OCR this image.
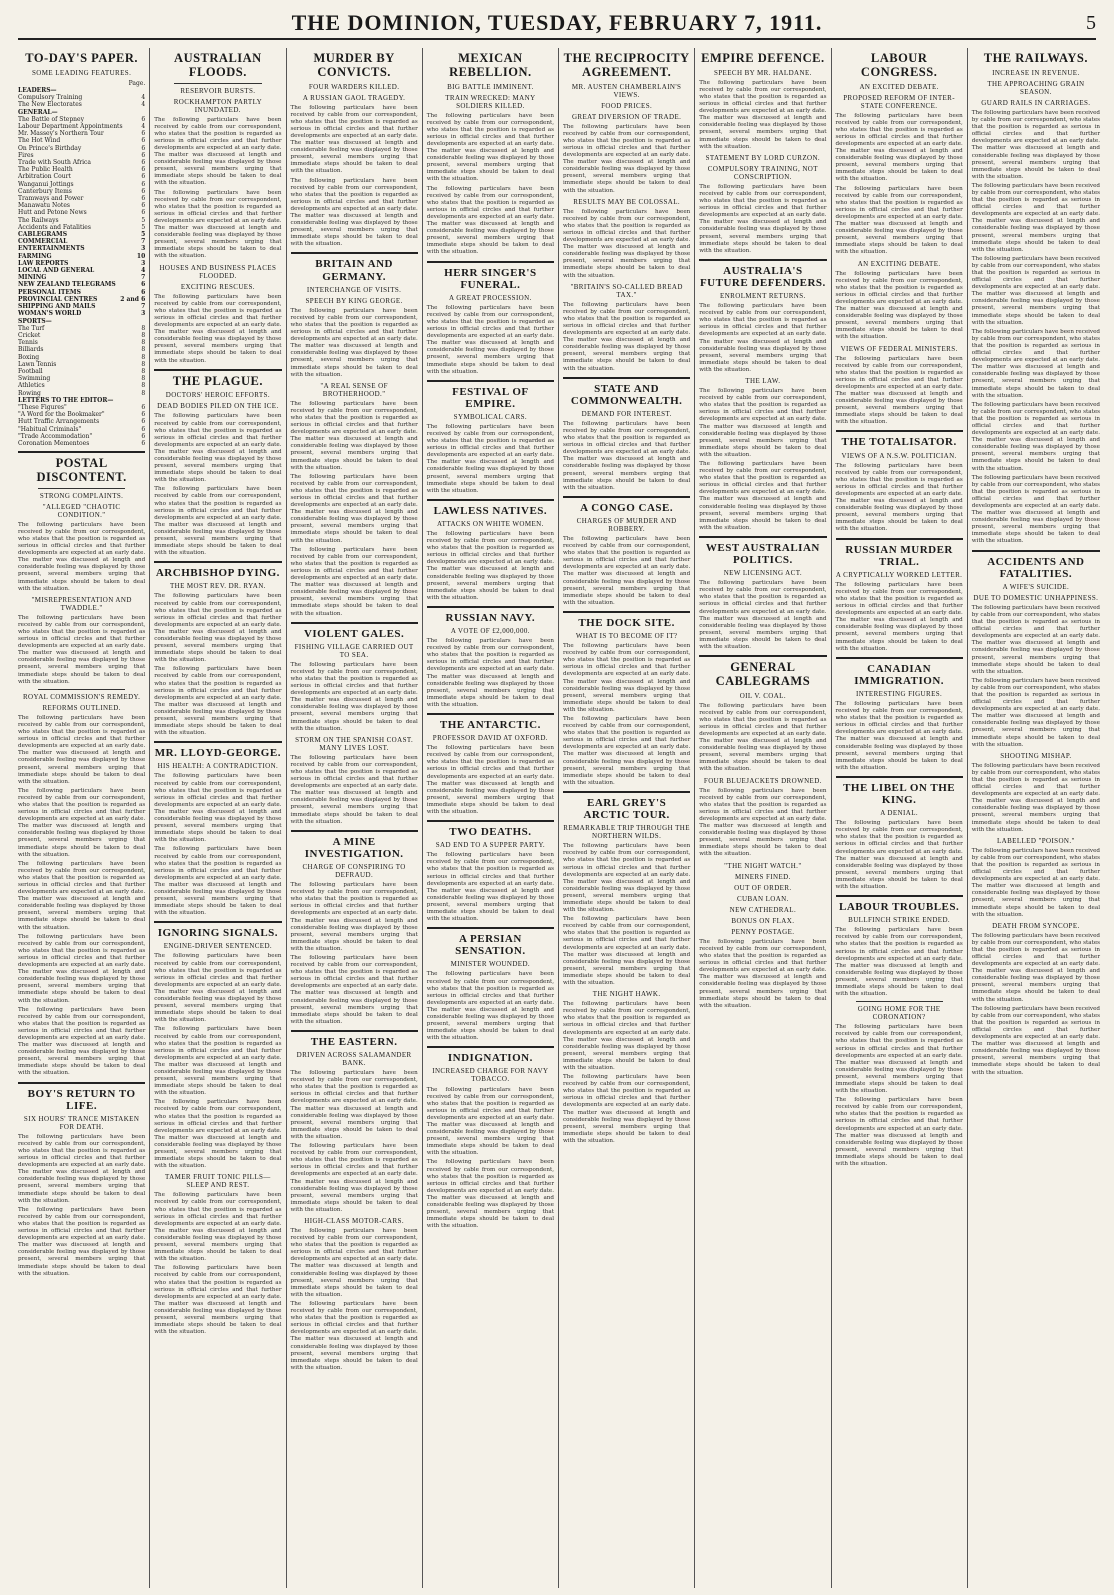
THE DOMINION, TUESDAY, FEBRUARY 7, 1911.	5
TO-DAY'S PAPER.
SOME LEADING FEATURES.
Page.
LEADERS—
Compulsory Training	4
The New Electorates	4
GENERAL—
The Battle of Stepney	6
Labour Department Appointments	4
Mr. Massey's Northern Tour	6
The Hot Wind	6
On Prince's Birthday	6
Fires	6
Trade with South Africa	6
The Public Health	6
Arbitration Court	6
Wanganui Jottings	6
Canterbury Items	6
Tramways and Power	6
Manawatu Notes	6
Hutt and Petone News	6
The Railways	5
Accidents and Fatalities	5
CABLEGRAMS	5
COMMERCIAL	7
ENTERTAINMENTS	3
FARMING	10
LAW REPORTS	3
LOCAL AND GENERAL	4
MINING	7
NEW ZEALAND TELEGRAMS	6
PERSONAL ITEMS	6
PROVINCIAL CENTRES	2 and 6
SHIPPING AND MAILS	7
WOMAN'S WORLD	3
SPORTS—
The Turf	8
Cricket	8
Tennis	8
Billiards	8
Boxing	8
Lawn Tennis	8
Football	8
Swimming	8
Athletics	8
Rowing	8
LETTERS TO THE EDITOR—
"These Figures"	6
"A Word for the Bookmaker"	6
Hutt Traffic Arrangements	6
"Habitual Criminals"	6
"Trade Accommodation"	6
Coronation Mementoes	6
POSTAL DISCONTENT.
STRONG COMPLAINTS.
"ALLEGED "CHAOTIC CONDITION."

The following particulars have been received by cable from our correspondent, who states that the position is regarded as serious in official circles and that further developments are expected at an early date. The matter was discussed at length and considerable feeling was displayed by those present, several members urging that immediate steps should be taken to deal with the situation.

"MISREPRESENTATION AND TWADDLE."

The following particulars have been received by cable from our correspondent, who states that the position is regarded as serious in official circles and that further developments are expected at an early date. The matter was discussed at length and considerable feeling was displayed by those present, several members urging that immediate steps should be taken to deal with the situation.

ROYAL COMMISSION'S REMEDY.
REFORMS OUTLINED.

The following particulars have been received by cable from our correspondent, who states that the position is regarded as serious in official circles and that further developments are expected at an early date. The matter was discussed at length and considerable feeling was displayed by those present, several members urging that immediate steps should be taken to deal with the situation.

The following particulars have been received by cable from our correspondent, who states that the position is regarded as serious in official circles and that further developments are expected at an early date. The matter was discussed at length and considerable feeling was displayed by those present, several members urging that immediate steps should be taken to deal with the situation.

The following particulars have been received by cable from our correspondent, who states that the position is regarded as serious in official circles and that further developments are expected at an early date. The matter was discussed at length and considerable feeling was displayed by those present, several members urging that immediate steps should be taken to deal with the situation.

The following particulars have been received by cable from our correspondent, who states that the position is regarded as serious in official circles and that further developments are expected at an early date. The matter was discussed at length and considerable feeling was displayed by those present, several members urging that immediate steps should be taken to deal with the situation.

The following particulars have been received by cable from our correspondent, who states that the position is regarded as serious in official circles and that further developments are expected at an early date. The matter was discussed at length and considerable feeling was displayed by those present, several members urging that immediate steps should be taken to deal with the situation.

BOY'S RETURN TO LIFE.
SIX HOURS' TRANCE MISTAKEN FOR DEATH.

The following particulars have been received by cable from our correspondent, who states that the position is regarded as serious in official circles and that further developments are expected at an early date. The matter was discussed at length and considerable feeling was displayed by those present, several members urging that immediate steps should be taken to deal with the situation.

The following particulars have been received by cable from our correspondent, who states that the position is regarded as serious in official circles and that further developments are expected at an early date. The matter was discussed at length and considerable feeling was displayed by those present, several members urging that immediate steps should be taken to deal with the situation.

AUSTRALIAN FLOODS.
RESERVOIR BURSTS.
ROCKHAMPTON PARTLY INUNDATED.

The following particulars have been received by cable from our correspondent, who states that the position is regarded as serious in official circles and that further developments are expected at an early date. The matter was discussed at length and considerable feeling was displayed by those present, several members urging that immediate steps should be taken to deal with the situation.

The following particulars have been received by cable from our correspondent, who states that the position is regarded as serious in official circles and that further developments are expected at an early date. The matter was discussed at length and considerable feeling was displayed by those present, several members urging that immediate steps should be taken to deal with the situation.

HOUSES AND BUSINESS PLACES FLOODED.
EXCITING RESCUES.

The following particulars have been received by cable from our correspondent, who states that the position is regarded as serious in official circles and that further developments are expected at an early date. The matter was discussed at length and considerable feeling was displayed by those present, several members urging that immediate steps should be taken to deal with the situation.

THE PLAGUE.
DOCTORS' HEROIC EFFORTS.
DEAD BODIES PILED ON THE ICE.

The following particulars have been received by cable from our correspondent, who states that the position is regarded as serious in official circles and that further developments are expected at an early date. The matter was discussed at length and considerable feeling was displayed by those present, several members urging that immediate steps should be taken to deal with the situation.

The following particulars have been received by cable from our correspondent, who states that the position is regarded as serious in official circles and that further developments are expected at an early date. The matter was discussed at length and considerable feeling was displayed by those present, several members urging that immediate steps should be taken to deal with the situation.

ARCHBISHOP DYING.
THE MOST REV. DR. RYAN.

The following particulars have been received by cable from our correspondent, who states that the position is regarded as serious in official circles and that further developments are expected at an early date. The matter was discussed at length and considerable feeling was displayed by those present, several members urging that immediate steps should be taken to deal with the situation.

The following particulars have been received by cable from our correspondent, who states that the position is regarded as serious in official circles and that further developments are expected at an early date. The matter was discussed at length and considerable feeling was displayed by those present, several members urging that immediate steps should be taken to deal with the situation.

MR. LLOYD-GEORGE.
HIS HEALTH: A CONTRADICTION.

The following particulars have been received by cable from our correspondent, who states that the position is regarded as serious in official circles and that further developments are expected at an early date. The matter was discussed at length and considerable feeling was displayed by those present, several members urging that immediate steps should be taken to deal with the situation.

The following particulars have been received by cable from our correspondent, who states that the position is regarded as serious in official circles and that further developments are expected at an early date. The matter was discussed at length and considerable feeling was displayed by those present, several members urging that immediate steps should be taken to deal with the situation.

IGNORING SIGNALS.
ENGINE-DRIVER SENTENCED.

The following particulars have been received by cable from our correspondent, who states that the position is regarded as serious in official circles and that further developments are expected at an early date. The matter was discussed at length and considerable feeling was displayed by those present, several members urging that immediate steps should be taken to deal with the situation.

The following particulars have been received by cable from our correspondent, who states that the position is regarded as serious in official circles and that further developments are expected at an early date. The matter was discussed at length and considerable feeling was displayed by those present, several members urging that immediate steps should be taken to deal with the situation.

The following particulars have been received by cable from our correspondent, who states that the position is regarded as serious in official circles and that further developments are expected at an early date. The matter was discussed at length and considerable feeling was displayed by those present, several members urging that immediate steps should be taken to deal with the situation.

TAMER FRUIT TONIC PILLS—SLEEP AND REST.

The following particulars have been received by cable from our correspondent, who states that the position is regarded as serious in official circles and that further developments are expected at an early date. The matter was discussed at length and considerable feeling was displayed by those present, several members urging that immediate steps should be taken to deal with the situation.

The following particulars have been received by cable from our correspondent, who states that the position is regarded as serious in official circles and that further developments are expected at an early date. The matter was discussed at length and considerable feeling was displayed by those present, several members urging that immediate steps should be taken to deal with the situation.

MURDER BY CONVICTS.
FOUR WARDERS KILLED.
A RUSSIAN GAOL TRAGEDY.

The following particulars have been received by cable from our correspondent, who states that the position is regarded as serious in official circles and that further developments are expected at an early date. The matter was discussed at length and considerable feeling was displayed by those present, several members urging that immediate steps should be taken to deal with the situation.

The following particulars have been received by cable from our correspondent, who states that the position is regarded as serious in official circles and that further developments are expected at an early date. The matter was discussed at length and considerable feeling was displayed by those present, several members urging that immediate steps should be taken to deal with the situation.

BRITAIN AND GERMANY.
INTERCHANGE OF VISITS.
SPEECH BY KING GEORGE.

The following particulars have been received by cable from our correspondent, who states that the position is regarded as serious in official circles and that further developments are expected at an early date. The matter was discussed at length and considerable feeling was displayed by those present, several members urging that immediate steps should be taken to deal with the situation.

"A REAL SENSE OF BROTHERHOOD."

The following particulars have been received by cable from our correspondent, who states that the position is regarded as serious in official circles and that further developments are expected at an early date. The matter was discussed at length and considerable feeling was displayed by those present, several members urging that immediate steps should be taken to deal with the situation.

The following particulars have been received by cable from our correspondent, who states that the position is regarded as serious in official circles and that further developments are expected at an early date. The matter was discussed at length and considerable feeling was displayed by those present, several members urging that immediate steps should be taken to deal with the situation.

The following particulars have been received by cable from our correspondent, who states that the position is regarded as serious in official circles and that further developments are expected at an early date. The matter was discussed at length and considerable feeling was displayed by those present, several members urging that immediate steps should be taken to deal with the situation.

VIOLENT GALES.
FISHING VILLAGE CARRIED OUT TO SEA.

The following particulars have been received by cable from our correspondent, who states that the position is regarded as serious in official circles and that further developments are expected at an early date. The matter was discussed at length and considerable feeling was displayed by those present, several members urging that immediate steps should be taken to deal with the situation.

STORM ON THE SPANISH COAST. MANY LIVES LOST.

The following particulars have been received by cable from our correspondent, who states that the position is regarded as serious in official circles and that further developments are expected at an early date. The matter was discussed at length and considerable feeling was displayed by those present, several members urging that immediate steps should be taken to deal with the situation.

A MINE INVESTIGATION.
CHARGE OF CONSPIRING TO DEFRAUD.

The following particulars have been received by cable from our correspondent, who states that the position is regarded as serious in official circles and that further developments are expected at an early date. The matter was discussed at length and considerable feeling was displayed by those present, several members urging that immediate steps should be taken to deal with the situation.

The following particulars have been received by cable from our correspondent, who states that the position is regarded as serious in official circles and that further developments are expected at an early date. The matter was discussed at length and considerable feeling was displayed by those present, several members urging that immediate steps should be taken to deal with the situation.

THE EASTERN.
DRIVEN ACROSS SALAMANDER BANK.

The following particulars have been received by cable from our correspondent, who states that the position is regarded as serious in official circles and that further developments are expected at an early date. The matter was discussed at length and considerable feeling was displayed by those present, several members urging that immediate steps should be taken to deal with the situation.

The following particulars have been received by cable from our correspondent, who states that the position is regarded as serious in official circles and that further developments are expected at an early date. The matter was discussed at length and considerable feeling was displayed by those present, several members urging that immediate steps should be taken to deal with the situation.

HIGH-CLASS MOTOR-CARS.

The following particulars have been received by cable from our correspondent, who states that the position is regarded as serious in official circles and that further developments are expected at an early date. The matter was discussed at length and considerable feeling was displayed by those present, several members urging that immediate steps should be taken to deal with the situation.

The following particulars have been received by cable from our correspondent, who states that the position is regarded as serious in official circles and that further developments are expected at an early date. The matter was discussed at length and considerable feeling was displayed by those present, several members urging that immediate steps should be taken to deal with the situation.

MEXICAN REBELLION.
BIG BATTLE IMMINENT.
TRAIN WRECKED: MANY SOLDIERS KILLED.

The following particulars have been received by cable from our correspondent, who states that the position is regarded as serious in official circles and that further developments are expected at an early date. The matter was discussed at length and considerable feeling was displayed by those present, several members urging that immediate steps should be taken to deal with the situation.

The following particulars have been received by cable from our correspondent, who states that the position is regarded as serious in official circles and that further developments are expected at an early date. The matter was discussed at length and considerable feeling was displayed by those present, several members urging that immediate steps should be taken to deal with the situation.

HERR SINGER'S FUNERAL.
A GREAT PROCESSION.

The following particulars have been received by cable from our correspondent, who states that the position is regarded as serious in official circles and that further developments are expected at an early date. The matter was discussed at length and considerable feeling was displayed by those present, several members urging that immediate steps should be taken to deal with the situation.

FESTIVAL OF EMPIRE.
SYMBOLICAL CARS.

The following particulars have been received by cable from our correspondent, who states that the position is regarded as serious in official circles and that further developments are expected at an early date. The matter was discussed at length and considerable feeling was displayed by those present, several members urging that immediate steps should be taken to deal with the situation.

LAWLESS NATIVES.
ATTACKS ON WHITE WOMEN.

The following particulars have been received by cable from our correspondent, who states that the position is regarded as serious in official circles and that further developments are expected at an early date. The matter was discussed at length and considerable feeling was displayed by those present, several members urging that immediate steps should be taken to deal with the situation.

RUSSIAN NAVY.
A VOTE OF £2,000,000.

The following particulars have been received by cable from our correspondent, who states that the position is regarded as serious in official circles and that further developments are expected at an early date. The matter was discussed at length and considerable feeling was displayed by those present, several members urging that immediate steps should be taken to deal with the situation.

THE ANTARCTIC.
PROFESSOR DAVID AT OXFORD.

The following particulars have been received by cable from our correspondent, who states that the position is regarded as serious in official circles and that further developments are expected at an early date. The matter was discussed at length and considerable feeling was displayed by those present, several members urging that immediate steps should be taken to deal with the situation.

TWO DEATHS.
SAD END TO A SUPPER PARTY.

The following particulars have been received by cable from our correspondent, who states that the position is regarded as serious in official circles and that further developments are expected at an early date. The matter was discussed at length and considerable feeling was displayed by those present, several members urging that immediate steps should be taken to deal with the situation.

A PERSIAN SENSATION.
MINISTER WOUNDED.

The following particulars have been received by cable from our correspondent, who states that the position is regarded as serious in official circles and that further developments are expected at an early date. The matter was discussed at length and considerable feeling was displayed by those present, several members urging that immediate steps should be taken to deal with the situation.

INDIGNATION.
INCREASED CHARGE FOR NAVY TOBACCO.

The following particulars have been received by cable from our correspondent, who states that the position is regarded as serious in official circles and that further developments are expected at an early date. The matter was discussed at length and considerable feeling was displayed by those present, several members urging that immediate steps should be taken to deal with the situation.

The following particulars have been received by cable from our correspondent, who states that the position is regarded as serious in official circles and that further developments are expected at an early date. The matter was discussed at length and considerable feeling was displayed by those present, several members urging that immediate steps should be taken to deal with the situation.

THE RECIPROCITY AGREEMENT.
MR. AUSTEN CHAMBERLAIN'S VIEWS.
FOOD PRICES.
GREAT DIVERSION OF TRADE.

The following particulars have been received by cable from our correspondent, who states that the position is regarded as serious in official circles and that further developments are expected at an early date. The matter was discussed at length and considerable feeling was displayed by those present, several members urging that immediate steps should be taken to deal with the situation.

RESULTS MAY BE COLOSSAL.

The following particulars have been received by cable from our correspondent, who states that the position is regarded as serious in official circles and that further developments are expected at an early date. The matter was discussed at length and considerable feeling was displayed by those present, several members urging that immediate steps should be taken to deal with the situation.

"BRITAIN'S SO-CALLED BREAD TAX."

The following particulars have been received by cable from our correspondent, who states that the position is regarded as serious in official circles and that further developments are expected at an early date. The matter was discussed at length and considerable feeling was displayed by those present, several members urging that immediate steps should be taken to deal with the situation.

STATE AND COMMONWEALTH.
DEMAND FOR INTEREST.

The following particulars have been received by cable from our correspondent, who states that the position is regarded as serious in official circles and that further developments are expected at an early date. The matter was discussed at length and considerable feeling was displayed by those present, several members urging that immediate steps should be taken to deal with the situation.

A CONGO CASE.
CHARGES OF MURDER AND ROBBERY.

The following particulars have been received by cable from our correspondent, who states that the position is regarded as serious in official circles and that further developments are expected at an early date. The matter was discussed at length and considerable feeling was displayed by those present, several members urging that immediate steps should be taken to deal with the situation.

THE DOCK SITE.
WHAT IS TO BECOME OF IT?

The following particulars have been received by cable from our correspondent, who states that the position is regarded as serious in official circles and that further developments are expected at an early date. The matter was discussed at length and considerable feeling was displayed by those present, several members urging that immediate steps should be taken to deal with the situation.

The following particulars have been received by cable from our correspondent, who states that the position is regarded as serious in official circles and that further developments are expected at an early date. The matter was discussed at length and considerable feeling was displayed by those present, several members urging that immediate steps should be taken to deal with the situation.

EARL GREY'S ARCTIC TOUR.
REMARKABLE TRIP THROUGH THE NORTHERN WILDS.

The following particulars have been received by cable from our correspondent, who states that the position is regarded as serious in official circles and that further developments are expected at an early date. The matter was discussed at length and considerable feeling was displayed by those present, several members urging that immediate steps should be taken to deal with the situation.

The following particulars have been received by cable from our correspondent, who states that the position is regarded as serious in official circles and that further developments are expected at an early date. The matter was discussed at length and considerable feeling was displayed by those present, several members urging that immediate steps should be taken to deal with the situation.

THE NIGHT HAWK.

The following particulars have been received by cable from our correspondent, who states that the position is regarded as serious in official circles and that further developments are expected at an early date. The matter was discussed at length and considerable feeling was displayed by those present, several members urging that immediate steps should be taken to deal with the situation.

The following particulars have been received by cable from our correspondent, who states that the position is regarded as serious in official circles and that further developments are expected at an early date. The matter was discussed at length and considerable feeling was displayed by those present, several members urging that immediate steps should be taken to deal with the situation.

EMPIRE DEFENCE.
SPEECH BY MR. HALDANE.

The following particulars have been received by cable from our correspondent, who states that the position is regarded as serious in official circles and that further developments are expected at an early date. The matter was discussed at length and considerable feeling was displayed by those present, several members urging that immediate steps should be taken to deal with the situation.

STATEMENT BY LORD CURZON.
COMPULSORY TRAINING, NOT CONSCRIPTION.

The following particulars have been received by cable from our correspondent, who states that the position is regarded as serious in official circles and that further developments are expected at an early date. The matter was discussed at length and considerable feeling was displayed by those present, several members urging that immediate steps should be taken to deal with the situation.

AUSTRALIA'S FUTURE DEFENDERS.
ENROLMENT RETURNS.

The following particulars have been received by cable from our correspondent, who states that the position is regarded as serious in official circles and that further developments are expected at an early date. The matter was discussed at length and considerable feeling was displayed by those present, several members urging that immediate steps should be taken to deal with the situation.

THE LAW.

The following particulars have been received by cable from our correspondent, who states that the position is regarded as serious in official circles and that further developments are expected at an early date. The matter was discussed at length and considerable feeling was displayed by those present, several members urging that immediate steps should be taken to deal with the situation.

The following particulars have been received by cable from our correspondent, who states that the position is regarded as serious in official circles and that further developments are expected at an early date. The matter was discussed at length and considerable feeling was displayed by those present, several members urging that immediate steps should be taken to deal with the situation.

WEST AUSTRALIAN POLITICS.
NEW LICENSING ACT.

The following particulars have been received by cable from our correspondent, who states that the position is regarded as serious in official circles and that further developments are expected at an early date. The matter was discussed at length and considerable feeling was displayed by those present, several members urging that immediate steps should be taken to deal with the situation.

GENERAL CABLEGRAMS
OIL V. COAL.

The following particulars have been received by cable from our correspondent, who states that the position is regarded as serious in official circles and that further developments are expected at an early date. The matter was discussed at length and considerable feeling was displayed by those present, several members urging that immediate steps should be taken to deal with the situation.

FOUR BLUEJACKETS DROWNED.

The following particulars have been received by cable from our correspondent, who states that the position is regarded as serious in official circles and that further developments are expected at an early date. The matter was discussed at length and considerable feeling was displayed by those present, several members urging that immediate steps should be taken to deal with the situation.

"THE NIGHT WATCH."
MINERS FINED.
OUT OF ORDER.
CUBAN LOAN.
NEW CATHEDRAL.
BONUS ON FLAX.
PENNY POSTAGE.

The following particulars have been received by cable from our correspondent, who states that the position is regarded as serious in official circles and that further developments are expected at an early date. The matter was discussed at length and considerable feeling was displayed by those present, several members urging that immediate steps should be taken to deal with the situation.

LABOUR CONGRESS.
AN EXCITED DEBATE.
PROPOSED REFORM OF INTER-STATE CONFERENCE.

The following particulars have been received by cable from our correspondent, who states that the position is regarded as serious in official circles and that further developments are expected at an early date. The matter was discussed at length and considerable feeling was displayed by those present, several members urging that immediate steps should be taken to deal with the situation.

The following particulars have been received by cable from our correspondent, who states that the position is regarded as serious in official circles and that further developments are expected at an early date. The matter was discussed at length and considerable feeling was displayed by those present, several members urging that immediate steps should be taken to deal with the situation.

AN EXCITING DEBATE.

The following particulars have been received by cable from our correspondent, who states that the position is regarded as serious in official circles and that further developments are expected at an early date. The matter was discussed at length and considerable feeling was displayed by those present, several members urging that immediate steps should be taken to deal with the situation.

VIEWS OF FEDERAL MINISTERS.

The following particulars have been received by cable from our correspondent, who states that the position is regarded as serious in official circles and that further developments are expected at an early date. The matter was discussed at length and considerable feeling was displayed by those present, several members urging that immediate steps should be taken to deal with the situation.

THE TOTALISATOR.
VIEWS OF A N.S.W. POLITICIAN.

The following particulars have been received by cable from our correspondent, who states that the position is regarded as serious in official circles and that further developments are expected at an early date. The matter was discussed at length and considerable feeling was displayed by those present, several members urging that immediate steps should be taken to deal with the situation.

RUSSIAN MURDER TRIAL.
A CRYPTICALLY WORKED LETTER.

The following particulars have been received by cable from our correspondent, who states that the position is regarded as serious in official circles and that further developments are expected at an early date. The matter was discussed at length and considerable feeling was displayed by those present, several members urging that immediate steps should be taken to deal with the situation.

CANADIAN IMMIGRATION.
INTERESTING FIGURES.

The following particulars have been received by cable from our correspondent, who states that the position is regarded as serious in official circles and that further developments are expected at an early date. The matter was discussed at length and considerable feeling was displayed by those present, several members urging that immediate steps should be taken to deal with the situation.

THE LIBEL ON THE KING.
A DENIAL.

The following particulars have been received by cable from our correspondent, who states that the position is regarded as serious in official circles and that further developments are expected at an early date. The matter was discussed at length and considerable feeling was displayed by those present, several members urging that immediate steps should be taken to deal with the situation.

LABOUR TROUBLES.
BULLFINCH STRIKE ENDED.

The following particulars have been received by cable from our correspondent, who states that the position is regarded as serious in official circles and that further developments are expected at an early date. The matter was discussed at length and considerable feeling was displayed by those present, several members urging that immediate steps should be taken to deal with the situation.

GOING HOME FOR THE CORONATION?

The following particulars have been received by cable from our correspondent, who states that the position is regarded as serious in official circles and that further developments are expected at an early date. The matter was discussed at length and considerable feeling was displayed by those present, several members urging that immediate steps should be taken to deal with the situation.

The following particulars have been received by cable from our correspondent, who states that the position is regarded as serious in official circles and that further developments are expected at an early date. The matter was discussed at length and considerable feeling was displayed by those present, several members urging that immediate steps should be taken to deal with the situation.

THE RAILWAYS.
INCREASE IN REVENUE.
THE APPROACHING GRAIN SEASON.
GUARD RAILS IN CARRIAGES.

The following particulars have been received by cable from our correspondent, who states that the position is regarded as serious in official circles and that further developments are expected at an early date. The matter was discussed at length and considerable feeling was displayed by those present, several members urging that immediate steps should be taken to deal with the situation.

The following particulars have been received by cable from our correspondent, who states that the position is regarded as serious in official circles and that further developments are expected at an early date. The matter was discussed at length and considerable feeling was displayed by those present, several members urging that immediate steps should be taken to deal with the situation.

The following particulars have been received by cable from our correspondent, who states that the position is regarded as serious in official circles and that further developments are expected at an early date. The matter was discussed at length and considerable feeling was displayed by those present, several members urging that immediate steps should be taken to deal with the situation.

The following particulars have been received by cable from our correspondent, who states that the position is regarded as serious in official circles and that further developments are expected at an early date. The matter was discussed at length and considerable feeling was displayed by those present, several members urging that immediate steps should be taken to deal with the situation.

The following particulars have been received by cable from our correspondent, who states that the position is regarded as serious in official circles and that further developments are expected at an early date. The matter was discussed at length and considerable feeling was displayed by those present, several members urging that immediate steps should be taken to deal with the situation.

The following particulars have been received by cable from our correspondent, who states that the position is regarded as serious in official circles and that further developments are expected at an early date. The matter was discussed at length and considerable feeling was displayed by those present, several members urging that immediate steps should be taken to deal with the situation.

ACCIDENTS AND FATALITIES.
A WIFE'S SUICIDE.
DUE TO DOMESTIC UNHAPPINESS.

The following particulars have been received by cable from our correspondent, who states that the position is regarded as serious in official circles and that further developments are expected at an early date. The matter was discussed at length and considerable feeling was displayed by those present, several members urging that immediate steps should be taken to deal with the situation.

The following particulars have been received by cable from our correspondent, who states that the position is regarded as serious in official circles and that further developments are expected at an early date. The matter was discussed at length and considerable feeling was displayed by those present, several members urging that immediate steps should be taken to deal with the situation.

SHOOTING MISHAP.

The following particulars have been received by cable from our correspondent, who states that the position is regarded as serious in official circles and that further developments are expected at an early date. The matter was discussed at length and considerable feeling was displayed by those present, several members urging that immediate steps should be taken to deal with the situation.

LABELLED "POISON."

The following particulars have been received by cable from our correspondent, who states that the position is regarded as serious in official circles and that further developments are expected at an early date. The matter was discussed at length and considerable feeling was displayed by those present, several members urging that immediate steps should be taken to deal with the situation.

DEATH FROM SYNCOPE.

The following particulars have been received by cable from our correspondent, who states that the position is regarded as serious in official circles and that further developments are expected at an early date. The matter was discussed at length and considerable feeling was displayed by those present, several members urging that immediate steps should be taken to deal with the situation.

The following particulars have been received by cable from our correspondent, who states that the position is regarded as serious in official circles and that further developments are expected at an early date. The matter was discussed at length and considerable feeling was displayed by those present, several members urging that immediate steps should be taken to deal with the situation.
